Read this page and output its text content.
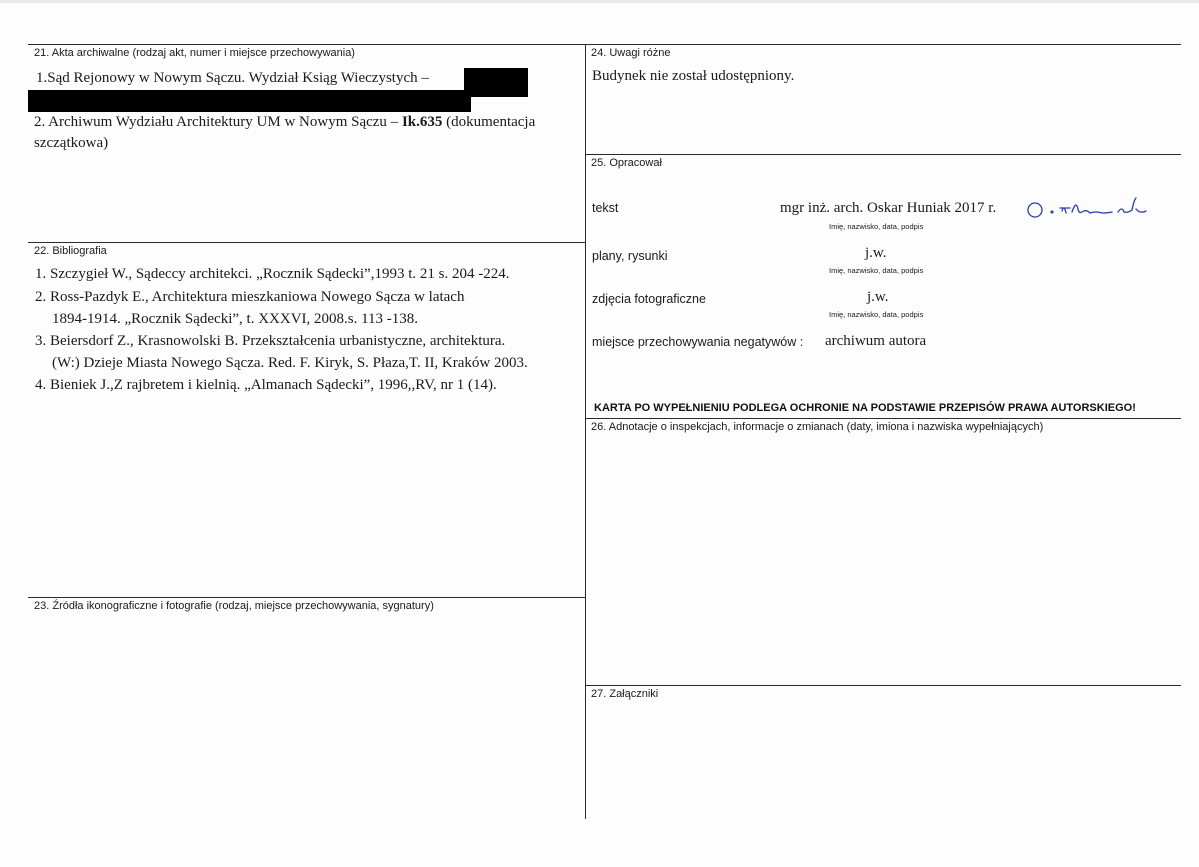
21. Akta archiwalne (rodzaj akt, numer i miejsce przechowywania)
1.Sąd Rejonowy w Nowym Sączu. Wydział Ksiąg Wieczystych –
2. Archiwum Wydziału Architektury UM w Nowym Sączu – Ik.635 (dokumentacja
szczątkowa)
22. Bibliografia
1. Szczygieł W., Sądeccy architekci. „Rocznik Sądecki”,1993 t. 21 s. 204 -224.
2. Ross-Pazdyk E., Architektura mieszkaniowa Nowego Sącza w latach
1894-1914. „Rocznik Sądecki”, t. XXXVI, 2008.s. 113 -138.
3. Beiersdorf Z., Krasnowolski B. Przekształcenia urbanistyczne, architektura.
(W:) Dzieje Miasta Nowego Sącza. Red. F. Kiryk, S. Płaza,T. II, Kraków 2003.
4. Bieniek J.,Z rajbretem i kielnią. „Almanach Sądecki”, 1996,,RV, nr 1 (14).
23. Źródła ikonograficzne i fotografie (rodzaj, miejsce przechowywania, sygnatury)
24. Uwagi różne
Budynek nie został udostępniony.
25. Opracował
tekst	mgr inż. arch. Oskar Huniak 2017 r.
Imię, nazwisko, data, podpis
plany, rysunki	j.w.
Imię, nazwisko, data, podpis
zdjęcia fotograficzne	j.w.
Imię, nazwisko, data, podpis
miejsce przechowywania negatywów : archiwum autora
KARTA PO WYPEŁNIENIU PODLEGA OCHRONIE NA PODSTAWIE PRZEPISÓW PRAWA AUTORSKIEGO!
26. Adnotacje o inspekcjach, informacje o zmianach (daty, imiona i nazwiska wypełniających)
27. Załączniki
